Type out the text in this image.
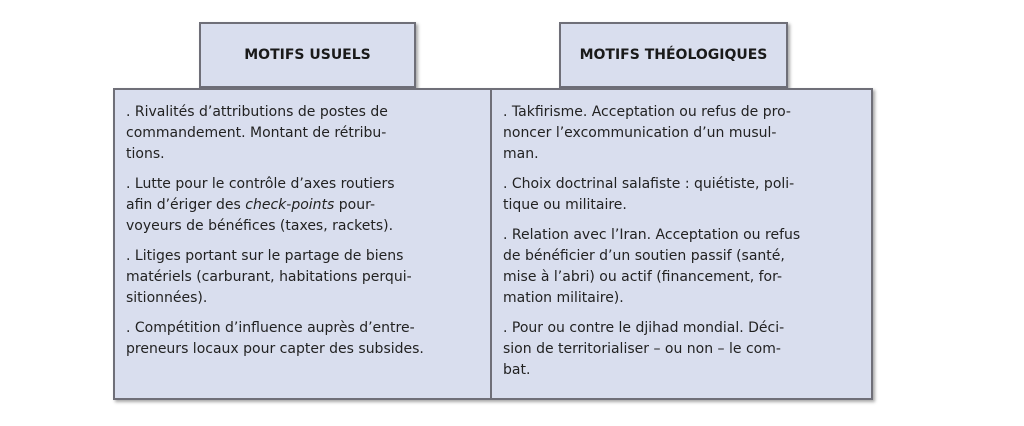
MOTIFS USUELS	MOTIFS THÉOLOGIQUES
. Rivalités d’attributions de postes de
commandement. Montant de rétribu-
tions.
. Lutte pour le contrôle d’axes routiers
afin d’ériger des check-points pour-
voyeurs de bénéfices (taxes, rackets).
. Litiges portant sur le partage de biens
matériels (carburant, habitations perqui-
sitionnées).
. Compétition d’influence auprès d’entre-
preneurs locaux pour capter des subsides.
. Takfirisme. Acceptation ou refus de pro-
noncer l’excommunication d’un musul-
man.
. Choix doctrinal salafiste : quiétiste, poli-
tique ou militaire.
. Relation avec l’Iran. Acceptation ou refus
de bénéficier d’un soutien passif (santé,
mise à l’abri) ou actif (financement, for-
mation militaire).
. Pour ou contre le djihad mondial. Déci-
sion de territorialiser – ou non – le com-
bat.
